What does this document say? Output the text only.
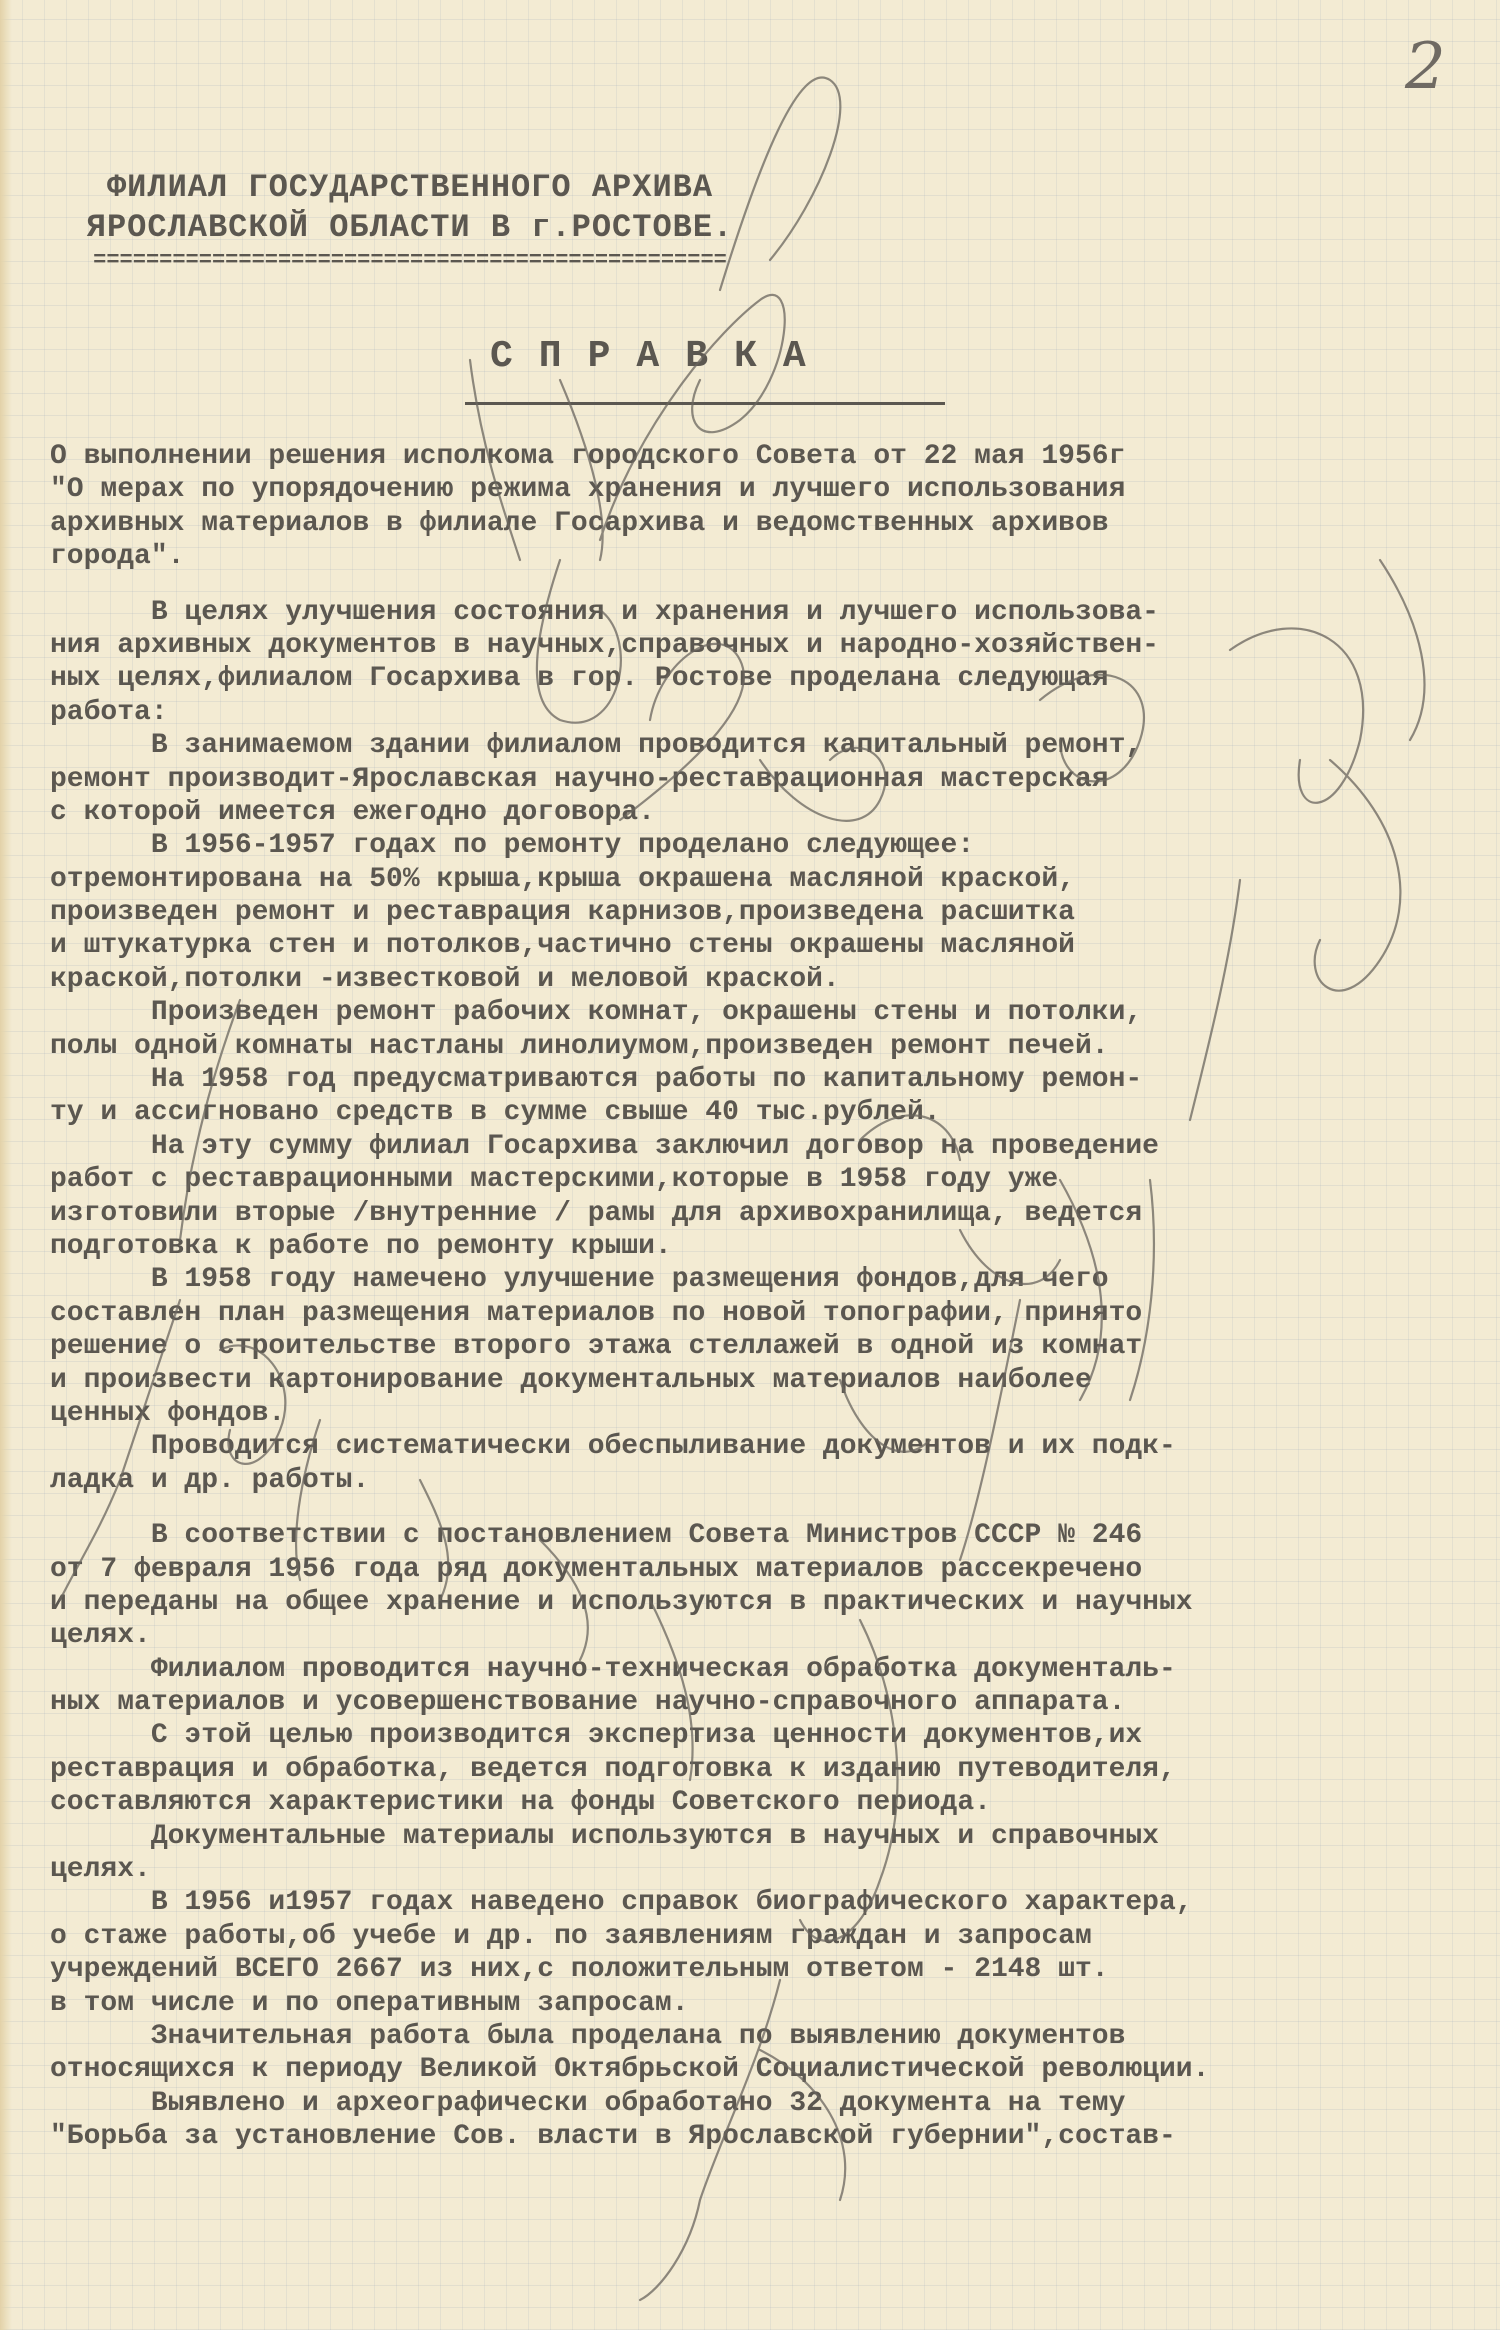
2
ФИЛИАЛ ГОСУДАРСТВЕННОГО АРХИВА
ЯРОСЛАВСКОЙ ОБЛАСТИ В г.РОСТОВЕ.
================================================
СПРАВКА
О выполнении решения исполкома городского Совета от 22 мая 1956г
"О мерах по упорядочению режима хранения и лучшего использования
архивных материалов в филиале Госархива и ведомственных архивов
города".
В целях улучшения состояния и хранения и лучшего использова-
ния архивных документов в научных,справочных и народно-хозяйствен-
ных целях,филиалом Госархива в гор. Ростове проделана следующая
работа:
В занимаемом здании филиалом проводится капитальный ремонт,
ремонт производит-Ярославская научно-реставрационная мастерская
с которой имеется ежегодно договора.
В 1956-1957 годах по ремонту проделано следующее:
отремонтирована на 50% крыша,крыша окрашена масляной краской,
произведен ремонт и реставрация карнизов,произведена расшитка
и штукатурка стен и потолков,частично стены окрашены масляной
краской,потолки -известковой и меловой краской.
Произведен ремонт рабочих комнат, окрашены стены и потолки,
полы одной комнаты настланы линолиумом,произведен ремонт печей.
На 1958 год предусматриваются работы по капитальному ремон-
ту и ассигновано средств в сумме свыше 40 тыс.рублей.
На эту сумму филиал Госархива заключил договор на проведение
работ с реставрационными мастерскими,которые в 1958 году уже
изготовили вторые /внутренние / рамы для архивохранилища, ведется
подготовка к работе по ремонту крыши.
В 1958 году намечено улучшение размещения фондов,для чего
составлен план размещения материалов по новой топографии, принято
решение о строительстве второго этажа стеллажей в одной из комнат
и произвести картонирование документальных материалов наиболее
ценных фондов.
Проводится систематически обеспыливание документов и их подк-
ладка и др. работы.
В соответствии с постановлением Совета Министров СССР № 246
от 7 февраля 1956 года ряд документальных материалов рассекречено
и переданы на общее хранение и используются в практических и научных
целях.
Филиалом проводится научно-техническая обработка документаль-
ных материалов и усовершенствование научно-справочного аппарата.
С этой целью производится экспертиза ценности документов,их
реставрация и обработка, ведется подготовка к изданию путеводителя,
составляются характеристики на фонды Советского периода.
Документальные материалы используются в научных и справочных
целях.
В 1956 и1957 годах наведено справок биографического характера,
о стаже работы,об учебе и др. по заявлениям граждан и запросам
учреждений ВСЕГО 2667 из них,с положительным ответом - 2148 шт.
в том числе и по оперативным запросам.
Значительная работа была проделана по выявлению документов
относящихся к периоду Великой Октябрьской Социалистической революции.
Выявлено и археографически обработано 32 документа на тему
"Борьба за установление Сов. власти в Ярославской губернии",состав-
